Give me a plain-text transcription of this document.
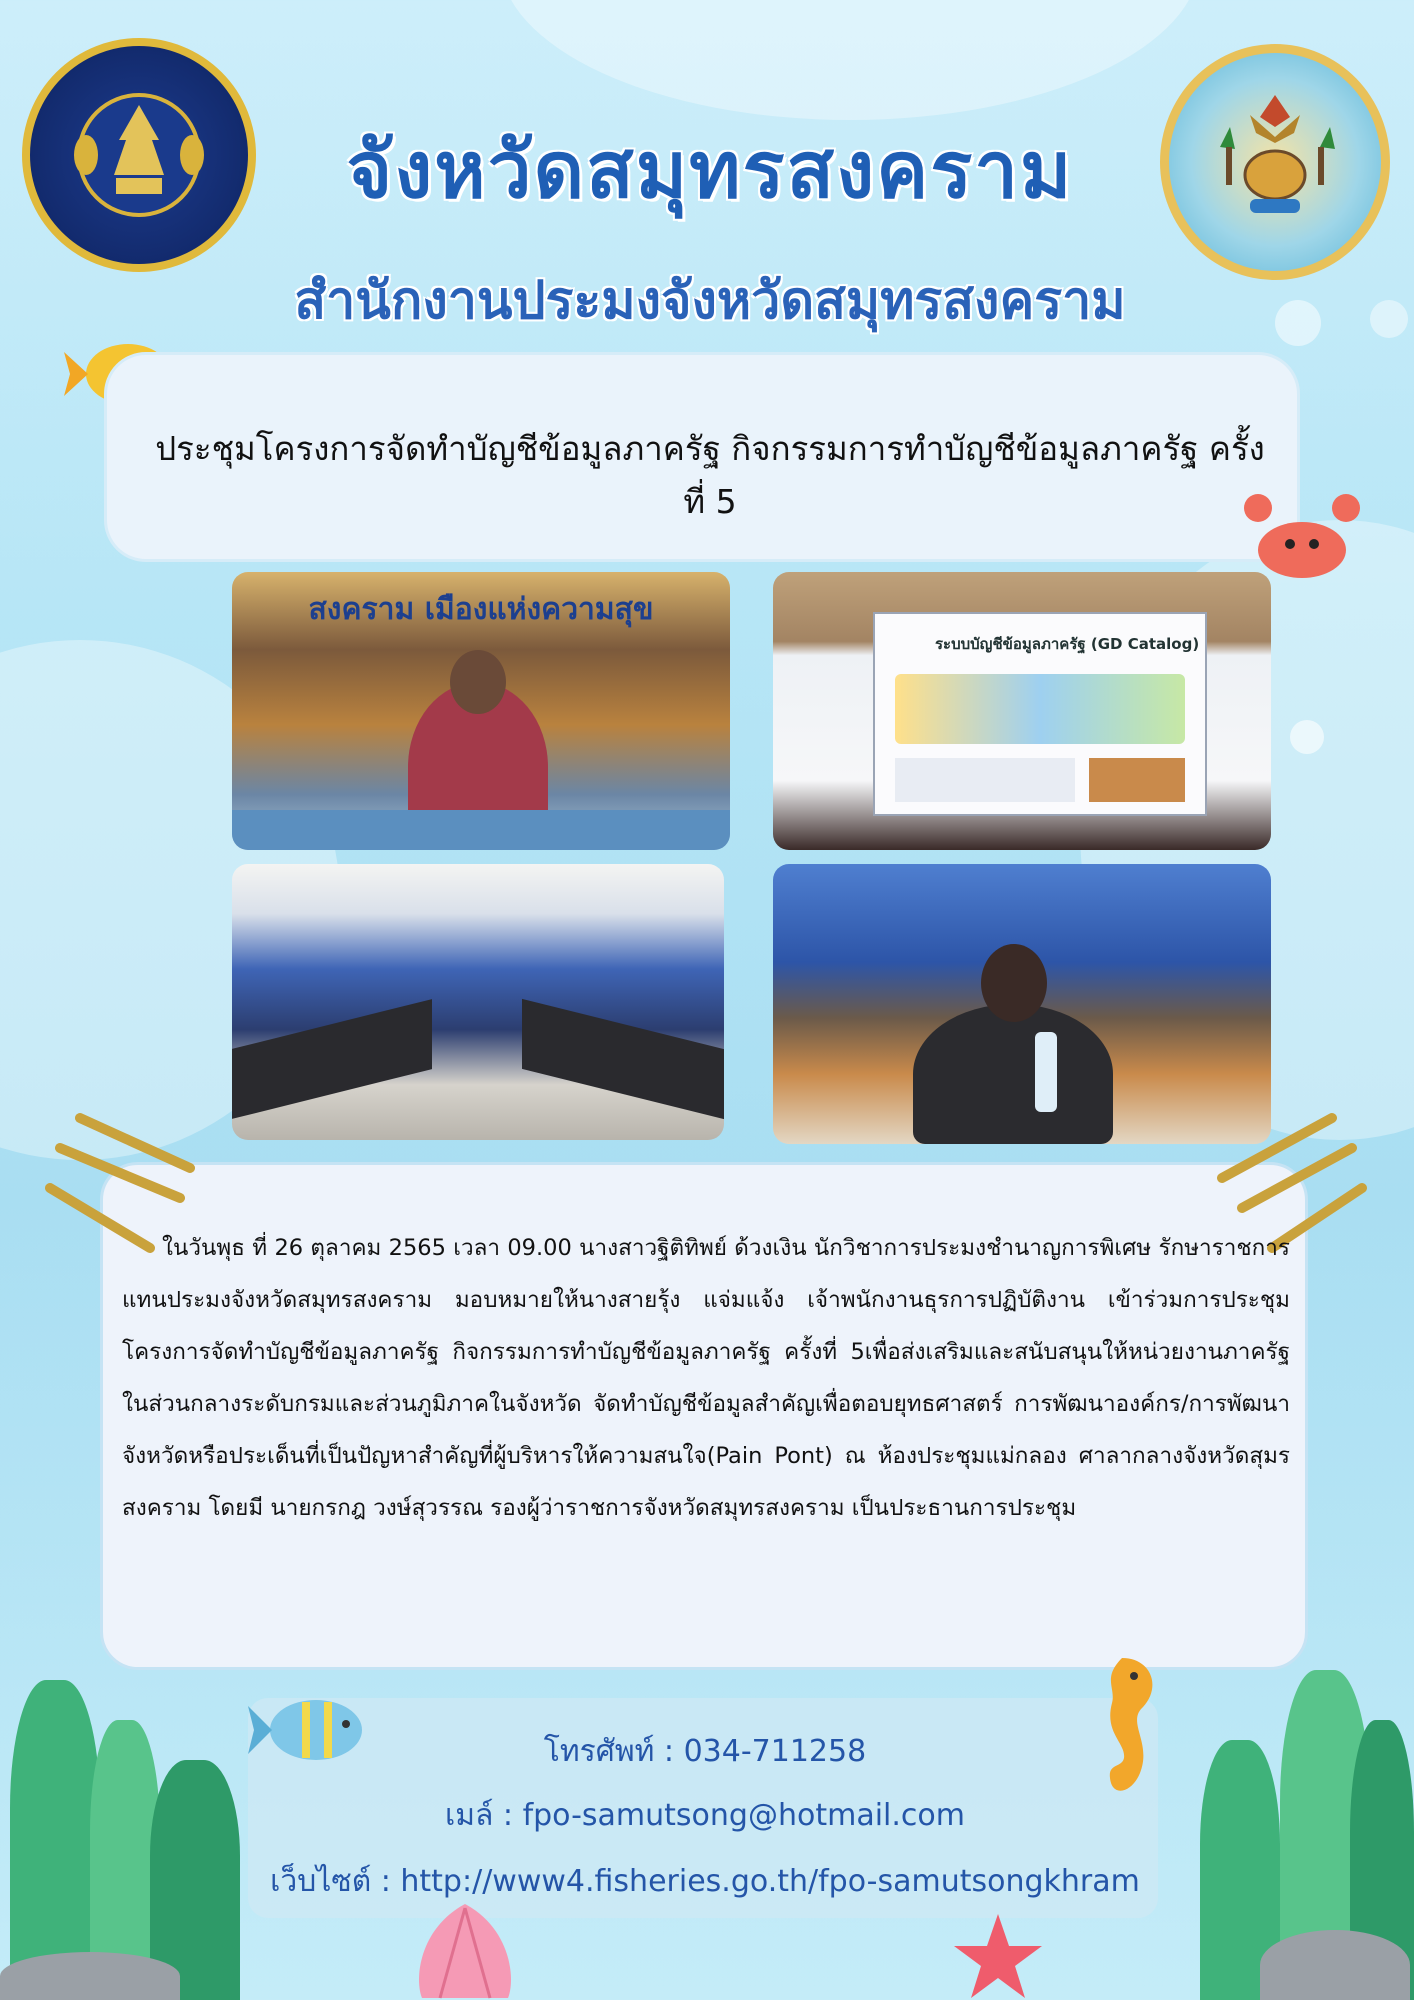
จังหวัดสมุทรสงคราม
สำนักงานประมงจังหวัดสมุทรสงคราม
ประชุมโครงการจัดทำบัญชีข้อมูลภาครัฐ กิจกรรมการทำบัญชีข้อมูลภาครัฐ ครั้งที่ 5
สงคราม เมืองแห่งความสุข
ระบบบัญชีข้อมูลภาครัฐ (GD Catalog)
ในวันพุธ ที่ 26 ตุลาคม 2565 เวลา 09.00 นางสาวฐิติทิพย์ ด้วงเงิน นักวิชาการประมงชำนาญการพิเศษ รักษาราชการแทนประมงจังหวัดสมุทรสงคราม มอบหมายให้นางสายรุ้ง แจ่มแจ้ง เจ้าพนักงานธุรการปฏิบัติงาน เข้าร่วมการประชุมโครงการจัดทำบัญชีข้อมูลภาครัฐ กิจกรรมการทำบัญชีข้อมูลภาครัฐ ครั้งที่ 5เพื่อส่งเสริมและสนับสนุนให้หน่วยงานภาครัฐในส่วนกลางระดับกรมและส่วนภูมิภาคในจังหวัด จัดทำบัญชีข้อมูลสำคัญเพื่อตอบยุทธศาสตร์ การพัฒนาองค์กร/การพัฒนาจังหวัดหรือประเด็นที่เป็นปัญหาสำคัญที่ผู้บริหารให้ความสนใจ(Pain Pont) ณ ห้องประชุมแม่กลอง ศาลากลางจังหวัดสุมรสงคราม โดยมี นายกรกฎ วงษ์สุวรรณ รองผู้ว่าราชการจังหวัดสมุทรสงคราม เป็นประธานการประชุม
โทรศัพท์ : 034-711258
เมล์ : fpo-samutsong@hotmail.com
เว็บไซต์ : http://www4.fisheries.go.th/fpo-samutsongkhram
